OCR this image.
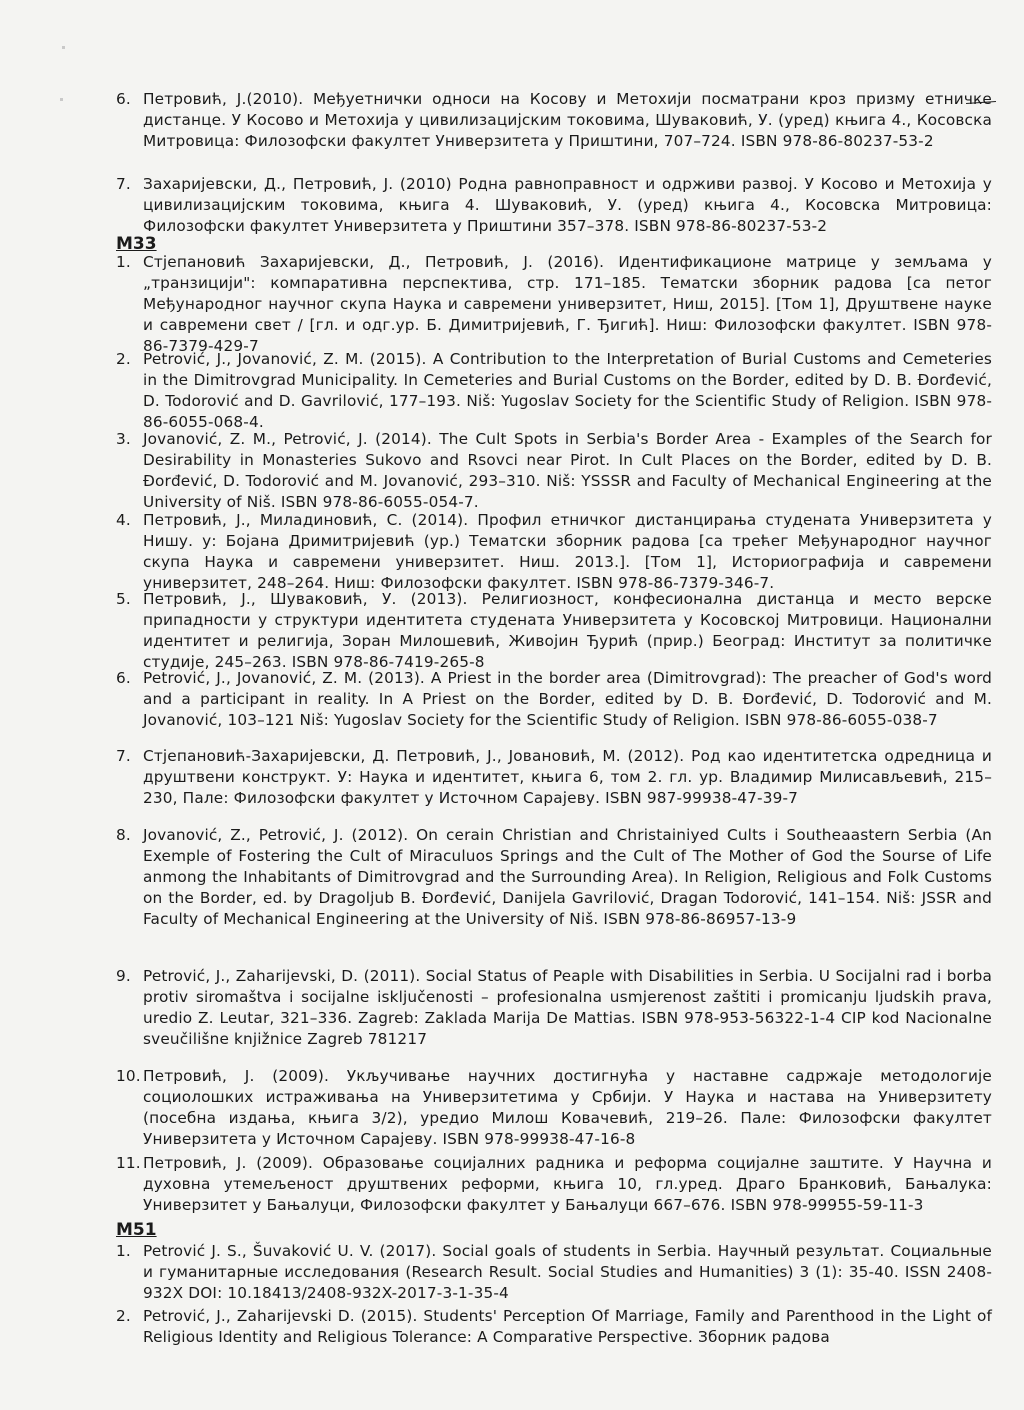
6. Петровић, Ј.(2010). Међуетнички односи на Косову и Метохији посматрани кроз призму етничке дистанце. У Косово и Метохија у цивилизацијским токовима, Шуваковић, У. (уред) књига 4., Косовска Митровица: Филозофски факултет Универзитета у Приштини, 707–724. ISBN 978-86-80237-53-2
7. Захаријевски, Д., Петровић, Ј. (2010) Родна равноправност и одрживи развој. У Косово и Метохија у цивилизацијским токовима, књига 4. Шуваковић, У. (уред) књига 4., Косовска Митровица: Филозофски факултет Универзитета у Приштини 357–378. ISBN 978-86-80237-53-2
M33
1. Стјепановић Захаријевски, Д., Петровић, Ј. (2016). Идентификационе матрице у земљама у „транзицији": компаративна перспектива, стр. 171–185. Тематски зборник радова [са петог Међународног научног скупа Наука и савремени универзитет, Ниш, 2015]. [Том 1], Друштвене науке и савремени свет / [гл. и одг.ур. Б. Димитријевић, Г. Ђигић]. Ниш: Филозофски факултет. ISBN 978-86-7379-429-7
2. Petrović, J., Jovanović, Z. M. (2015). A Contribution to the Interpretation of Burial Customs and Cemeteries in the Dimitrovgrad Municipality. In Cemeteries and Burial Customs on the Border, edited by D. B. Đorđević, D. Todorović and D. Gavrilović, 177–193. Niš: Yugoslav Society for the Scientific Study of Religion. ISBN 978-86-6055-068-4.
3. Jovanović, Z. M., Petrović, J. (2014). The Cult Spots in Serbia's Border Area - Examples of the Search for Desirability in Monasteries Sukovo and Rsovci near Pirot. In Cult Places on the Border, edited by D. B. Đorđević, D. Todorović and M. Jovanović, 293–310. Niš: YSSSR and Faculty of Mechanical Engineering at the University of Niš. ISBN 978-86-6055-054-7.
4. Петровић, Ј., Миладиновић, С. (2014). Профил етничког дистанцирања студената Универзитета у Нишу. у: Бојана Дримитријевић (ур.) Тематски зборник радова [са трећег Међународног научног скупа Наука и савремени универзитет. Ниш. 2013.]. [Том 1], Историографија и савремени универзитет, 248–264. Ниш: Филозофски факултет. ISBN 978-86-7379-346-7.
5. Петровић, Ј., Шуваковић, У. (2013). Религиозност, конфесионална дистанца и место верске припадности у структури идентитета студената Универзитета у Косовској Митровици. Национални идентитет и религија, Зоран Милошевић, Живојин Ђурић (прир.) Београд: Институт за политичке студије, 245–263. ISBN 978-86-7419-265-8
6. Petrović, J., Jovanović, Z. M. (2013). A Priest in the border area (Dimitrovgrad): The preacher of God's word and a participant in reality. In A Priest on the Border, edited by D. B. Đorđević, D. Todorović and M. Jovanović, 103–121 Niš: Yugoslav Society for the Scientific Study of Religion. ISBN 978-86-6055-038-7
7. Стјепановић-Захаријевски, Д. Петровић, Ј., Јовановић, М. (2012). Род као идентитетска одредница и друштвени конструкт. У: Наука и идентитет, књига 6, том 2. гл. ур. Владимир Милисављевић, 215–230, Пале: Филозофски факултет у Источном Сарајеву. ISBN 987-99938-47-39-7
8. Jovanović, Z., Petrović, J. (2012). On cerain Christian and Christainiyed Cults i Southeaastern Serbia (An Exemple of Fostering the Cult of Miraculuos Springs and the Cult of The Mother of God the Sourse of Life anmong the Inhabitants of Dimitrovgrad and the Surrounding Area). In Religion, Religious and Folk Customs on the Border, ed. by Dragoljub B. Đorđević, Danijela Gavrilović, Dragan Todorović, 141–154. Niš: JSSR and Faculty of Mechanical Engineering at the University of Niš. ISBN 978-86-86957-13-9
9. Petrović, J., Zaharijevski, D. (2011). Social Status of Peaple with Disabilities in Serbia. U Socijalni rad i borba protiv siromaštva i socijalne isključenosti – profesionalna usmjerenost zaštiti i promicanju ljudskih prava, uredio Z. Leutar, 321–336. Zagreb: Zaklada Marija De Mattias. ISBN 978-953-56322-1-4 CIP kod Nacionalne sveučilišne knjižnice Zagreb 781217
10. Петровић, Ј. (2009). Укључивање научних достигнућа у наставне садржаје методологије социолошких истраживања на Универзитетима у Србији. У Наука и настава на Универзитету (посебна издања, књига 3/2), уредио Милош Ковачевић, 219–26. Пале: Филозофски факултет Универзитета у Источном Сарајеву. ISBN 978-99938-47-16-8
11. Петровић, Ј. (2009). Образовање социјалних радника и реформа социјалне заштите. У Научна и духовна утемељеност друштвених реформи, књига 10, гл.уред. Драго Бранковић, Бањалука: Универзитет у Бањалуци, Филозофски факултет у Бањалуци 667–676. ISBN 978-99955-59-11-3
M51
1. Petrović J. S., Šuvaković U. V. (2017). Social goals of students in Serbia. Научный результат. Социальные и гуманитарные исследования (Research Result. Social Studies and Humanities) 3 (1): 35-40. ISSN 2408-932X DOI: 10.18413/2408-932X-2017-3-1-35-4
2. Petrović, J., Zaharijevski D. (2015). Students' Perception Of Marriage, Family and Parenthood in the Light of Religious Identity and Religious Tolerance: A Comparative Perspective. Зборник радова
